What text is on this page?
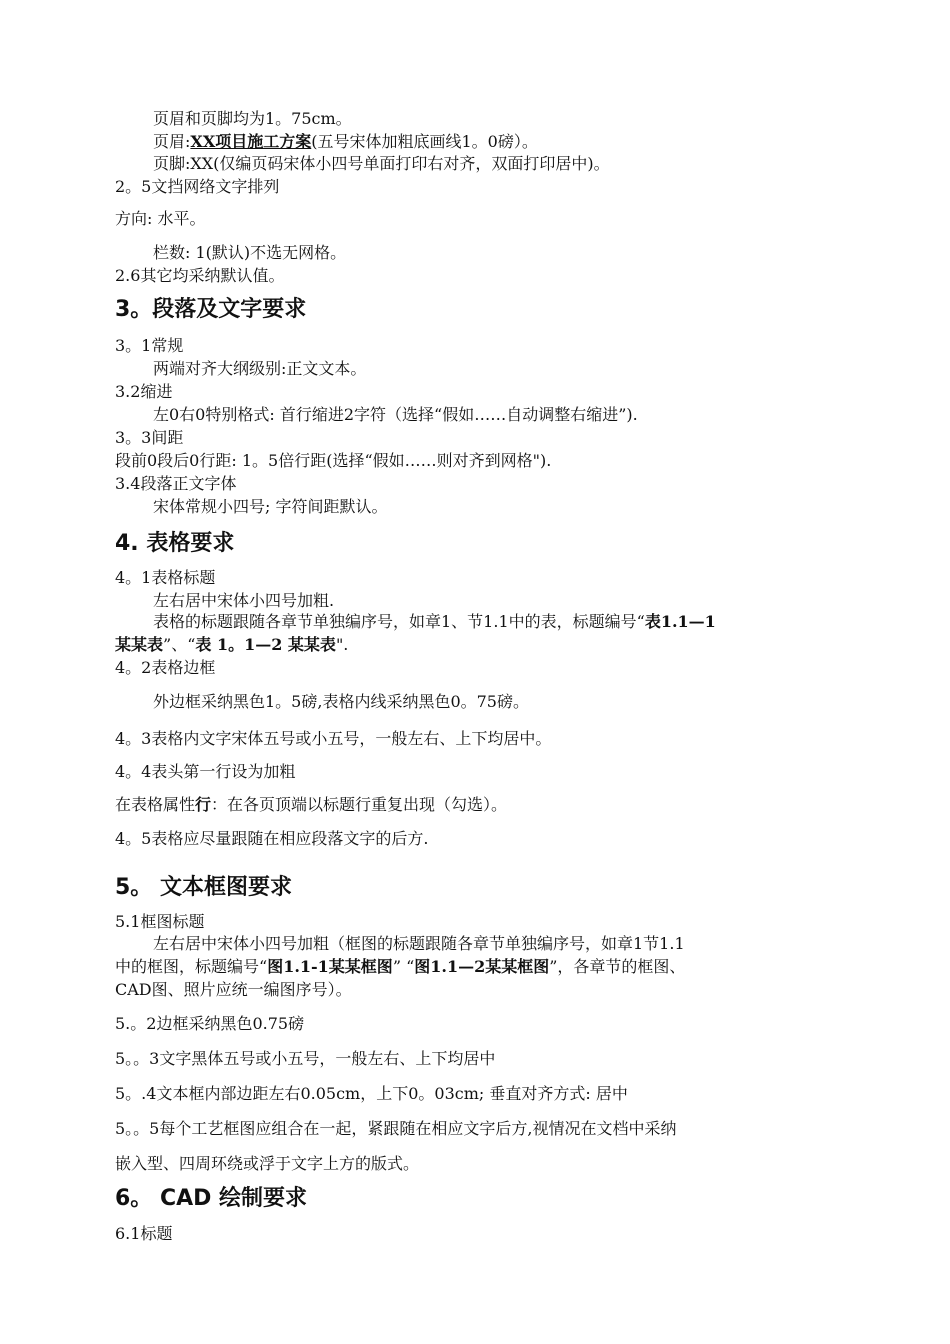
页眉和页脚均为1。75cm。
页眉:XX项目施工方案(五号宋体加粗底画线1。0磅）。
页脚:XX(仅编页码宋体小四号单面打印右对齐，双面打印居中)。
2。5文挡网络文字排列
方向: 水平。
栏数: 1(默认)不选无网格。
2.6其它均采纳默认值。
3。段落及文字要求
3。1常规
两端对齐大纲级别:正文文本。
3.2缩进
左0右0特别格式: 首行缩进2字符（选择“假如……自动调整右缩进”).
3。3间距
段前0段后0行距: 1。5倍行距(选择“假如……则对齐到网格").
3.4段落正文字体
宋体常规小四号; 字符间距默认。
4. 表格要求
4。1表格标题
左右居中宋体小四号加粗.
表格的标题跟随各章节单独编序号，如章1、节1.1中的表，标题编号“表1.1—1
某某表”、“表 1。1—2 某某表".
4。2表格边框
外边框采纳黑色1。5磅,表格内线采纳黑色0。75磅。
4。3表格内文字宋体五号或小五号，一般左右、上下均居中。
4。4表头第一行设为加粗
在表格属性行：在各页顶端以标题行重复出现（勾选）。
4。5表格应尽量跟随在相应段落文字的后方.
5。 文本框图要求
5.1框图标题
左右居中宋体小四号加粗（框图的标题跟随各章节单独编序号，如章1节1.1
中的框图，标题编号“图1.1-1某某框图” “图1.1—2某某框图”，各章节的框图、
CAD图、照片应统一编图序号）。
5.。2边框采纳黑色0.75磅
5。。3文字黑体五号或小五号，一般左右、上下均居中
5。.4文本框内部边距左右0.05cm，上下0。03cm; 垂直对齐方式: 居中
5。。5每个工艺框图应组合在一起，紧跟随在相应文字后方,视情况在文档中采纳
嵌入型、四周环绕或浮于文字上方的版式。
6。 CAD 绘制要求
6.1标题
